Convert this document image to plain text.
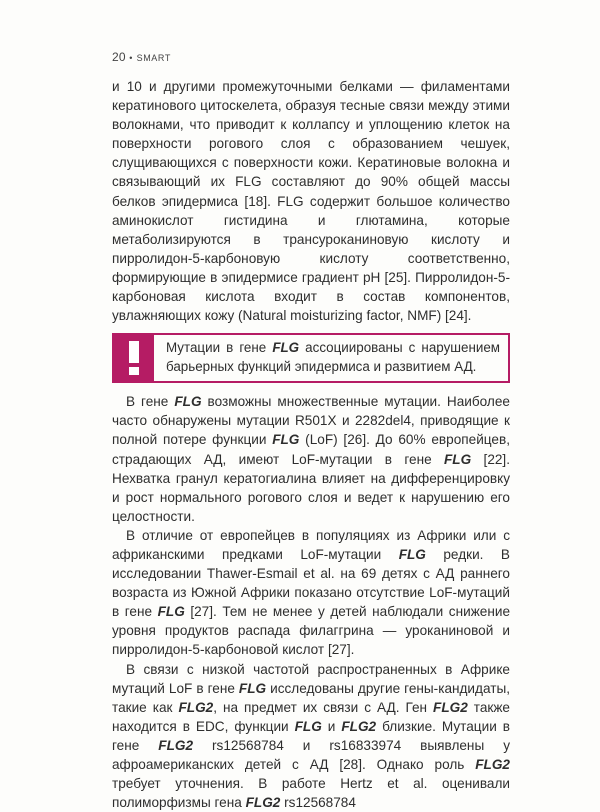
20 • SMART

и 10 и другими промежуточными белками — филаментами кератинового цитоскелета, образуя тесные связи между этими волокнами, что приводит к коллапсу и уплощению клеток на поверхности рогового слоя с образованием чешуек, слущивающихся с поверхности кожи. Кератиновые волокна и связывающий их FLG составляют до 90% общей массы белков эпидермиса [18]. FLG содержит большое количество аминокислот гистидина и глютамина, которые метаболизируются в трансуроканиновую кислоту и пирролидон-5-карбоновую кислоту соответственно, формирующие в эпидермисе градиент pH [25]. Пирролидон-5-карбоновая кислота входит в состав компонентов, увлажняющих кожу (Natural moisturizing factor, NMF) [24].

Мутации в гене FLG ассоциированы с нарушением барьерных функций эпидермиса и развитием АД.

В гене FLG возможны множественные мутации. Наиболее часто обнаружены мутации R501X и 2282del4, приводящие к полной потере функции FLG (LoF) [26]. До 60% европейцев, страдающих АД, имеют LoF-мутации в гене FLG [22]. Нехватка гранул кератогиалина влияет на дифференцировку и рост нормального рогового слоя и ведет к нарушению его целостности.

В отличие от европейцев в популяциях из Африки или с африканскими предками LoF-мутации FLG редки. В исследовании Thawer-Esmail et al. на 69 детях с АД раннего возраста из Южной Африки показано отсутствие LoF-мутаций в гене FLG [27]. Тем не менее у детей наблюдали снижение уровня продуктов распада филаггрина — уроканиновой и пирролидон-5-карбоновой кислот [27].

В связи с низкой частотой распространенных в Африке мутаций LoF в гене FLG исследованы другие гены-кандидаты, такие как FLG2, на предмет их связи с АД. Ген FLG2 также находится в EDC, функции FLG и FLG2 близкие. Мутации в гене FLG2 rs12568784 и rs16833974 выявлены у афроамериканских детей с АД [28]. Однако роль FLG2 требует уточнения. В работе Hertz et al. оценивали полиморфизмы гена FLG2 rs12568784
